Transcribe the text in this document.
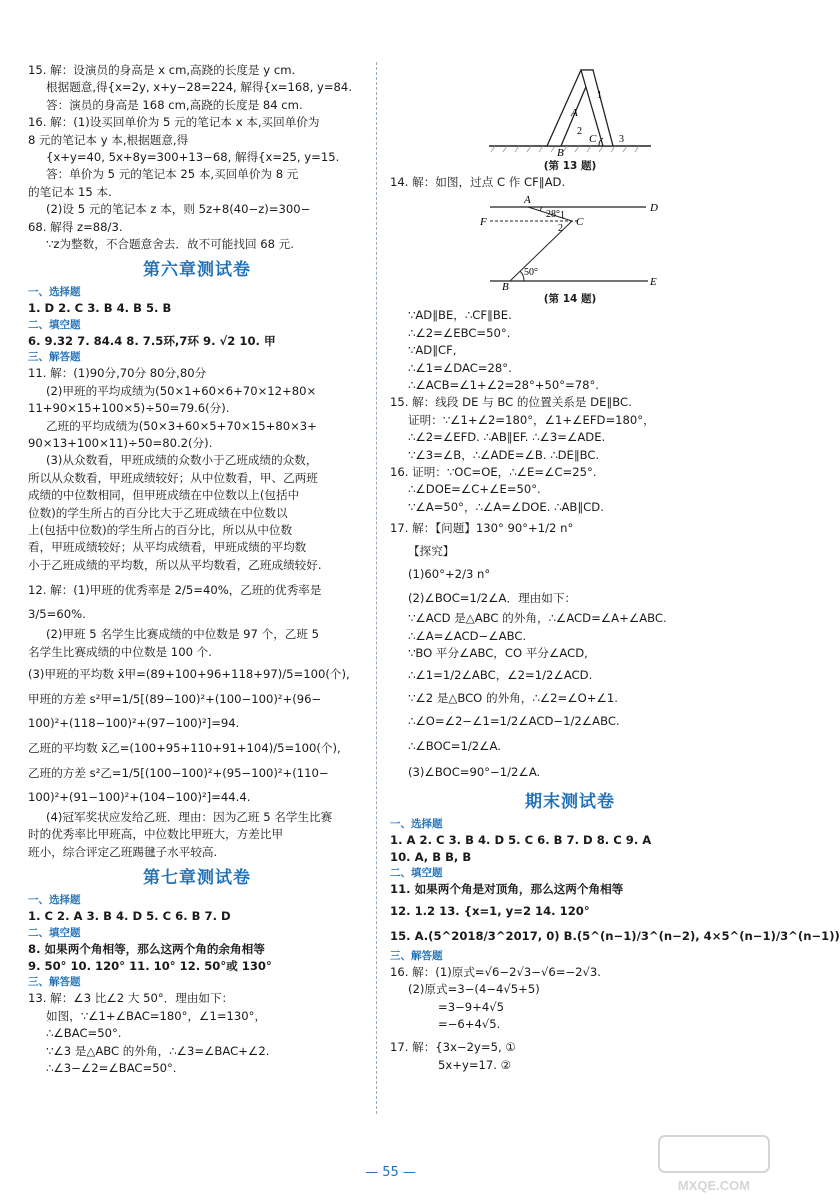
15. 解：设演员的身高是 x cm,高跷的长度是 y cm.
根据题意,得{x=2y, x+y−28=224, 解得{x=168, y=84.
答：演员的身高是 168 cm,高跷的长度是 84 cm.
16. 解：(1)设买回单价为 5 元的笔记本 x 本,买回单价为
8 元的笔记本 y 本,根据题意,得
{x+y=40, 5x+8y=300+13−68, 解得{x=25, y=15.
答：单价为 5 元的笔记本 25 本,买回单价为 8 元
的笔记本 15 本.
(2)设 5 元的笔记本 z 本，则 5z+8(40−z)=300−
68. 解得 z=88/3.
∵z为整数，不合题意舍去．故不可能找回 68 元.
第六章测试卷
一、选择题
1. D 2. C 3. B 4. B 5. B
二、填空题
6. 9.32 7. 84.4 8. 7.5环,7环 9. √2 10. 甲
三、解答题
11. 解：(1)90分,70分 80分,80分
(2)甲班的平均成绩为(50×1+60×6+70×12+80×
11+90×15+100×5)÷50=79.6(分).
乙班的平均成绩为(50×3+60×5+70×15+80×3+
90×13+100×11)÷50=80.2(分).
(3)从众数看，甲班成绩的众数小于乙班成绩的众数，
所以从众数看，甲班成绩较好；从中位数看，甲、乙两班
成绩的中位数相同，但甲班成绩在中位数以上(包括中
位数)的学生所占的百分比大于乙班成绩在中位数以
上(包括中位数)的学生所占的百分比，所以从中位数
看，甲班成绩较好；从平均成绩看，甲班成绩的平均数
小于乙班成绩的平均数，所以从平均数看，乙班成绩较好.
12. 解：(1)甲班的优秀率是 2/5=40%，乙班的优秀率是
3/5=60%.
(2)甲班 5 名学生比赛成绩的中位数是 97 个，乙班 5
名学生比赛成绩的中位数是 100 个.
(3)甲班的平均数 x̄甲=(89+100+96+118+97)/5=100(个),
甲班的方差 s²甲=1/5[(89−100)²+(100−100)²+(96−
100)²+(118−100)²+(97−100)²]=94.
乙班的平均数 x̄乙=(100+95+110+91+104)/5=100(个),
乙班的方差 s²乙=1/5[(100−100)²+(95−100)²+(110−
100)²+(91−100)²+(104−100)²]=44.4.
(4)冠军奖状应发给乙班．理由：因为乙班 5 名学生比赛
时的优秀率比甲班高，中位数比甲班大，方差比甲
班小，综合评定乙班踢毽子水平较高.
第七章测试卷
一、选择题
1. C 2. A 3. B 4. D 5. C 6. B 7. D
二、填空题
8. 如果两个角相等，那么这两个角的余角相等
9. 50° 10. 120° 11. 10° 12. 50°或 130°
三、解答题
13. 解：∠3 比∠2 大 50°．理由如下：
如图，∵∠1+∠BAC=180°，∠1=130°，
∴∠BAC=50°.
∵∠3 是△ABC 的外角，∴∠3=∠BAC+∠2.
∴∠3−∠2=∠BAC=50°.
B
C
A
1
2
3
(第 13 题)
14. 解：如图，过点 C 作 CF∥AD.
A
D
F	C
B	E
28°
50°
1
2
(第 14 题)
∵AD∥BE，∴CF∥BE.
∴∠2=∠EBC=50°.
∵AD∥CF,
∴∠1=∠DAC=28°.
∴∠ACB=∠1+∠2=28°+50°=78°.
15. 解：线段 DE 与 BC 的位置关系是 DE∥BC.
证明：∵∠1+∠2=180°，∠1+∠EFD=180°，
∴∠2=∠EFD. ∴AB∥EF. ∴∠3=∠ADE.
∵∠3=∠B，∴∠ADE=∠B. ∴DE∥BC.
16. 证明：∵OC=OE，∴∠E=∠C=25°.
∴∠DOE=∠C+∠E=50°.
∵∠A=50°，∴∠A=∠DOE. ∴AB∥CD.
17. 解：【问题】130° 90°+1/2 n°
【探究】
(1)60°+2/3 n°
(2)∠BOC=1/2∠A．理由如下：
∵∠ACD 是△ABC 的外角，∴∠ACD=∠A+∠ABC.
∴∠A=∠ACD−∠ABC.
∵BO 平分∠ABC，CO 平分∠ACD,
∴∠1=1/2∠ABC，∠2=1/2∠ACD.
∵∠2 是△BCO 的外角，∴∠2=∠O+∠1.
∴∠O=∠2−∠1=1/2∠ACD−1/2∠ABC.
∴∠BOC=1/2∠A.
(3)∠BOC=90°−1/2∠A.
期末测试卷
一、选择题
1. A 2. C 3. B 4. D 5. C 6. B 7. D 8. C 9. A
10. A, B B, B
二、填空题
11. 如果两个角是对顶角，那么这两个角相等
12. 1.2 13. {x=1, y=2 14. 120°
15. A.(5^2018/3^2017, 0) B.(5^(n−1)/3^(n−2), 4×5^(n−1)/3^(n−1))
三、解答题
16. 解：(1)原式=√6−2√3−√6=−2√3.
(2)原式=3−(4−4√5+5)
=3−9+4√5
=−6+4√5.
17. 解：{3x−2y=5, ①
5x+y=17. ②
— 55 —
MXQE.COM
